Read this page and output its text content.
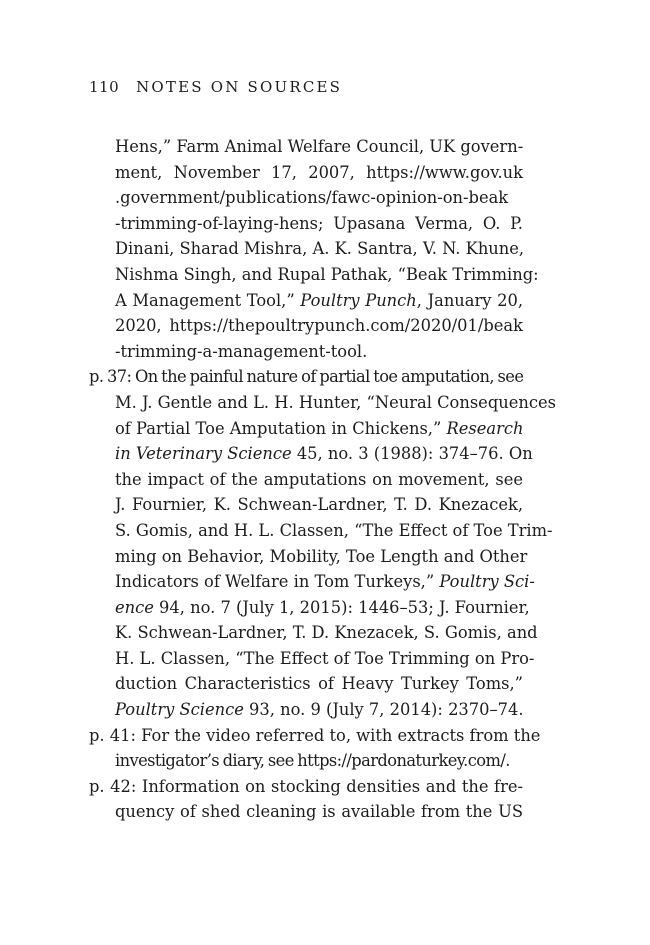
110 NOTES ON SOURCES
Hens,” Farm Animal Welfare Council, UK govern-
ment, November 17, 2007, https://www.gov.uk
.government/publications/fawc-opinion-on-beak
-trimming-of-laying-hens; Upasana Verma, O. P.
Dinani, Sharad Mishra, A. K. Santra, V. N. Khune,
Nishma Singh, and Rupal Pathak, “Beak Trimming:
A Management Tool,” Poultry Punch, January 20,
2020, https://thepoultrypunch.com/2020/01/beak
-trimming-a-management-tool.
p. 37: On the painful nature of partial toe amputation, see
M. J. Gentle and L. H. Hunter, “Neural Consequences
of Partial Toe Amputation in Chickens,” Research
in Veterinary Science 45, no. 3 (1988): 374–76. On
the impact of the amputations on movement, see
J. Fournier, K. Schwean-Lardner, T. D. Knezacek,
S. Gomis, and H. L. Classen, “The Effect of Toe Trim-
ming on Behavior, Mobility, Toe Length and Other
Indicators of Welfare in Tom Turkeys,” Poultry Sci-
ence 94, no. 7 (July 1, 2015): 1446–53; J. Fournier,
K. Schwean-Lardner, T. D. Knezacek, S. Gomis, and
H. L. Classen, “The Effect of Toe Trimming on Pro-
duction Characteristics of Heavy Turkey Toms,”
Poultry Science 93, no. 9 (July 7, 2014): 2370–74.
p. 41: For the video referred to, with extracts from the
investigator’s diary, see https://pardonaturkey.com/.
p. 42: Information on stocking densities and the fre-
quency of shed cleaning is available from the US
